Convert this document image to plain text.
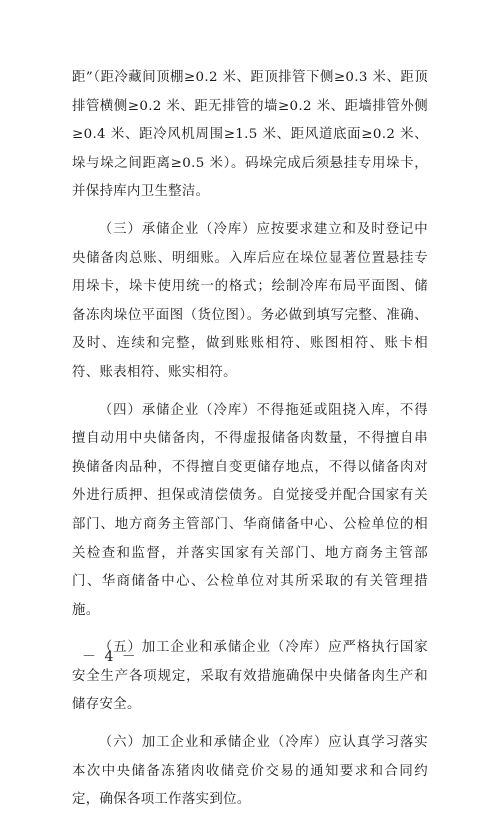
距”（距冷藏间顶棚≥0.2 米、距顶排管下侧≥0.3 米、距顶排管横侧≥0.2 米、距无排管的墙≥0.2 米、距墙排管外侧≥0.4 米、距冷风机周围≥1.5 米、距风道底面≥0.2 米、垛与垛之间距离≥0.5 米）。码垛完成后须悬挂专用垛卡，并保持库内卫生整洁。

（三）承储企业（冷库）应按要求建立和及时登记中央储备肉总账、明细账。入库后应在垛位显著位置悬挂专用垛卡，垛卡使用统一的格式；绘制冷库布局平面图、储备冻肉垛位平面图（货位图）。务必做到填写完整、准确、及时、连续和完整，做到账账相符、账图相符、账卡相符、账表相符、账实相符。

（四）承储企业（冷库）不得拖延或阻挠入库，不得擅自动用中央储备肉，不得虚报储备肉数量，不得擅自串换储备肉品种，不得擅自变更储存地点，不得以储备肉对外进行质押、担保或清偿债务。自觉接受并配合国家有关部门、地方商务主管部门、华商储备中心、公检单位的相关检查和监督，并落实国家有关部门、地方商务主管部门、华商储备中心、公检单位对其所采取的有关管理措施。

（五）加工企业和承储企业（冷库）应严格执行国家安全生产各项规定，采取有效措施确保中央储备肉生产和储存安全。

（六）加工企业和承储企业（冷库）应认真学习落实本次中央储备冻猪肉收储竞价交易的通知要求和合同约定，确保各项工作落实到位。

－ 4 －
